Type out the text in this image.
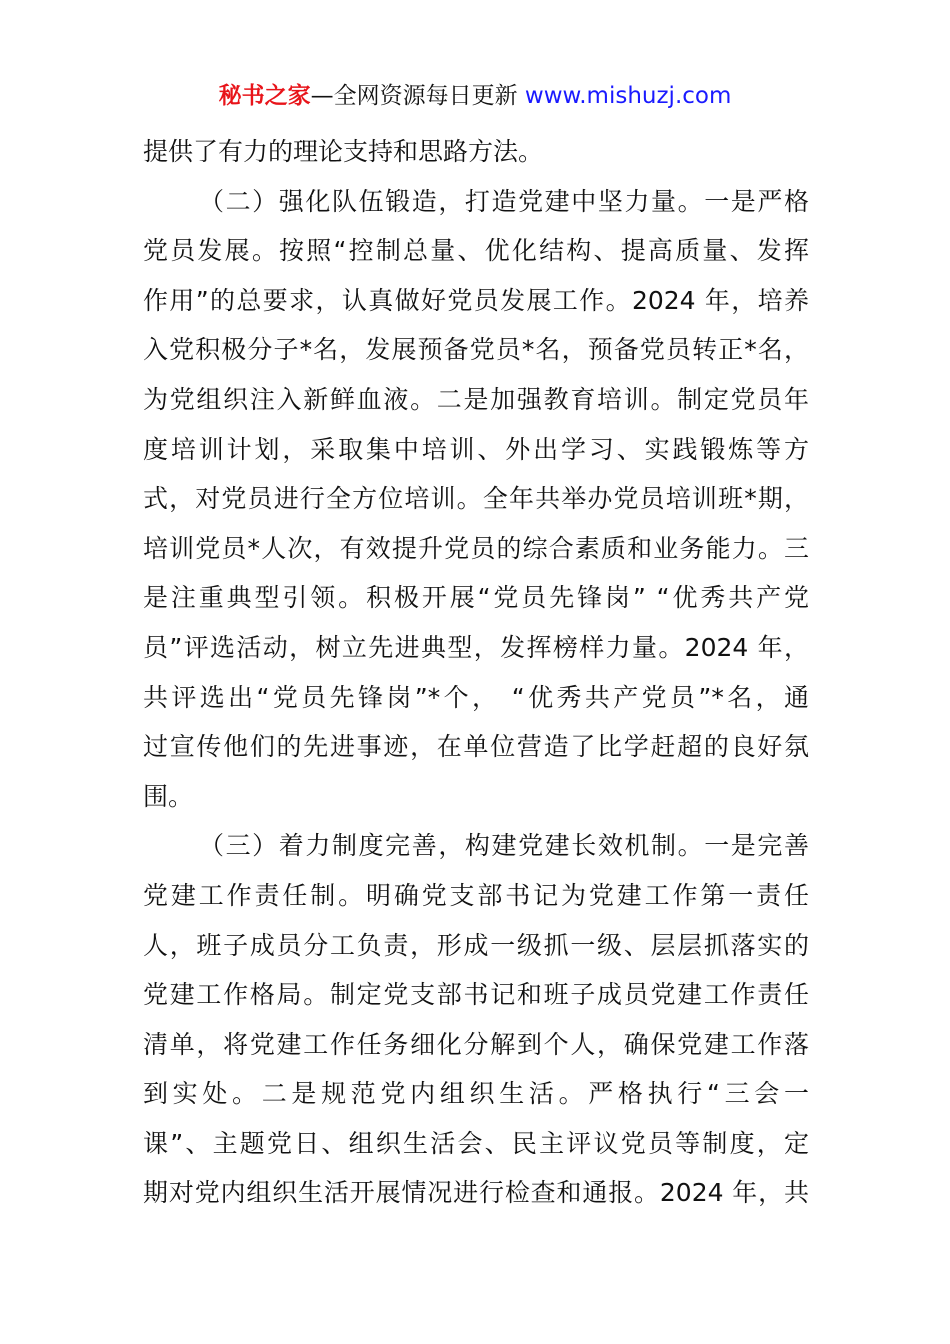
秘书之家—全网资源每日更新 www.mishuzj.com
提供了有力的理论支持和思路方法。
（二）强化队伍锻造，打造党建中坚力量。一是严格
党员发展。按照“控制总量、优化结构、提高质量、发挥
作用”的总要求，认真做好党员发展工作。2024 年，培养
入党积极分子*名，发展预备党员*名，预备党员转正*名，
为党组织注入新鲜血液。二是加强教育培训。制定党员年
度培训计划，采取集中培训、外出学习、实践锻炼等方
式，对党员进行全方位培训。全年共举办党员培训班*期，
培训党员*人次，有效提升党员的综合素质和业务能力。三
是注重典型引领。积极开展“党员先锋岗” “优秀共产党
员”评选活动，树立先进典型，发挥榜样力量。2024 年，
共评选出“党员先锋岗”*个， “优秀共产党员”*名，通
过宣传他们的先进事迹，在单位营造了比学赶超的良好氛
围。
（三）着力制度完善，构建党建长效机制。一是完善
党建工作责任制。明确党支部书记为党建工作第一责任
人，班子成员分工负责，形成一级抓一级、层层抓落实的
党建工作格局。制定党支部书记和班子成员党建工作责任
清单，将党建工作任务细化分解到个人，确保党建工作落
到实处。二是规范党内组织生活。严格执行“三会一
课”、主题党日、组织生活会、民主评议党员等制度，定
期对党内组织生活开展情况进行检查和通报。2024 年，共
